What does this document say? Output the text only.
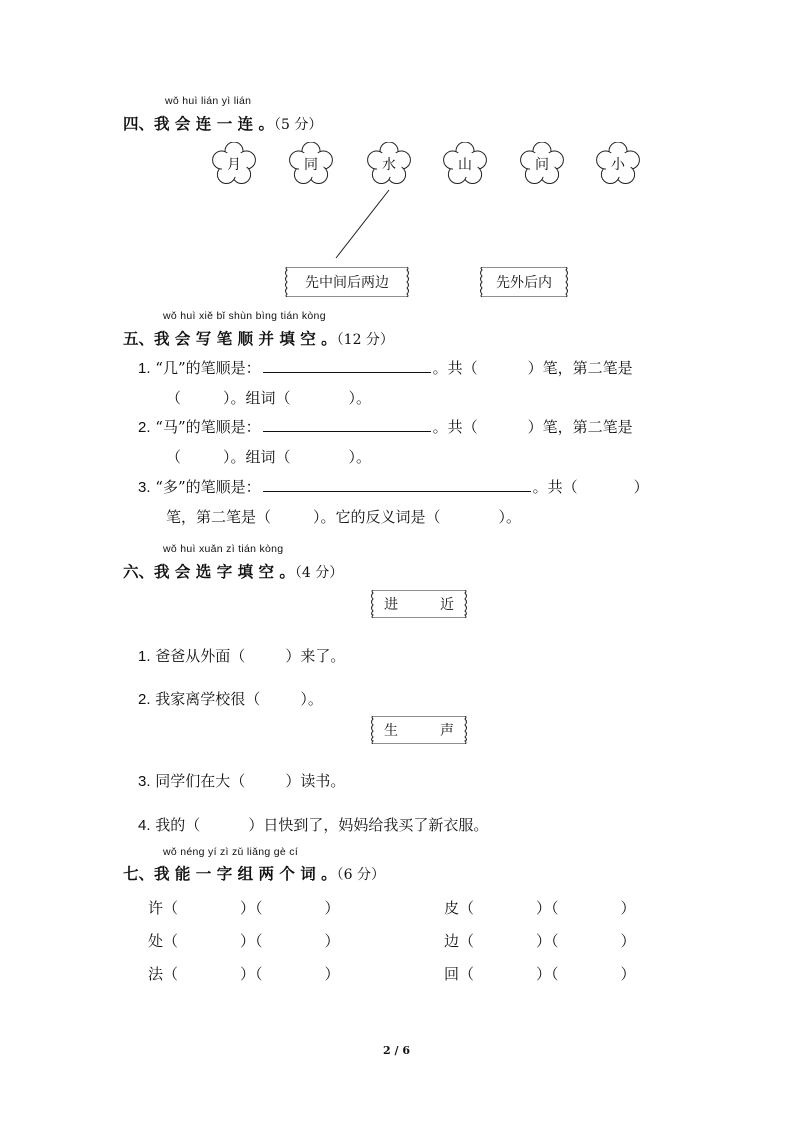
wǒ huì lián yì lián
四、我 会 连 一 连 。（5 分）
月	同	水	山	问	小
先中间后两边	先外后内
wǒ huì xiě bǐ shùn bìng tián kòng
五、我 会 写 笔 顺 并 填 空 。（12 分）
1. “几”的笔顺是：	。共（	）笔，第二笔是
（	）。组词（	）。
2. “马”的笔顺是：	。共（	）笔，第二笔是
（	）。组词（	）。
3. “多”的笔顺是：	。共（	）
笔，第二笔是（	）。它的反义词是（	）。
wǒ huì xuǎn zì tián kòng
六、我 会 选 字 填 空 。（4 分）
进	近
1. 爸爸从外面（	）来了。
2. 我家离学校很（	）。
生	声
3. 同学们在大（	）读书。
4. 我的（	）日快到了，妈妈给我买了新衣服。
wǒ néng yí zì zǔ liǎng gè cí
七、我 能 一 字 组 两 个 词 。（6 分）
许（	）（	）	皮（	）（	）
处（	）（	）	边（	）（	）
法（	）（	）	回（	）（	）
2 / 6
